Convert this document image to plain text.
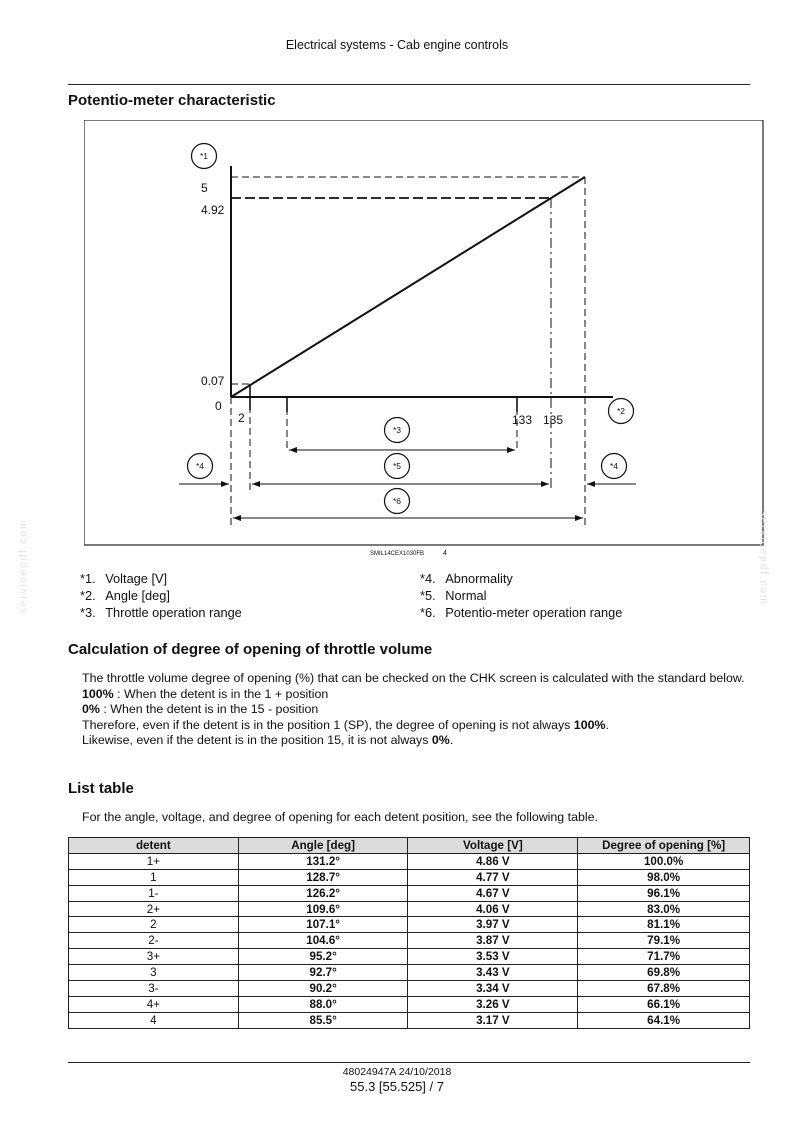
Electrical systems - Cab engine controls
Potentio-meter characteristic
5
4.92
0.07
0
2	133 135
*1
*2
*3
*4	*4
*5
*6
SMIL14CEX1030FB	4
*1. Voltage [V]
*2. Angle [deg]
*3. Throttle operation range
*4. Abnormality
*5. Normal
*6. Potentio-meter operation range
Calculation of degree of opening of throttle volume
The throttle volume degree of opening (%) that can be checked on the CHK screen is calculated with the standard below.
100% : When the detent is in the 1 + position
0% : When the detent is in the 15 - position
Therefore, even if the detent is in the position 1 (SP), the degree of opening is not always 100%.
Likewise, even if the detent is in the position 15, it is not always 0%.
List table
For the angle, voltage, and degree of opening for each detent position, see the following table.
detent	Angle [deg]	Voltage [V]	Degree of opening [%]
1+	131.2°	4.86 V	100.0%
1	128.7°	4.77 V	98.0%
1-	126.2°	4.67 V	96.1%
2+	109.6°	4.06 V	83.0%
2	107.1°	3.97 V	81.1%
2-	104.6°	3.87 V	79.1%
3+	95.2°	3.53 V	71.7%
3	92.7°	3.43 V	69.8%
3-	90.2°	3.34 V	67.8%
4+	88.0°	3.26 V	66.1%
4	85.5°	3.17 V	64.1%
48024947A 24/10/2018
55.3 [55.525] / 7
servicepdf.com	servicepdf.com
